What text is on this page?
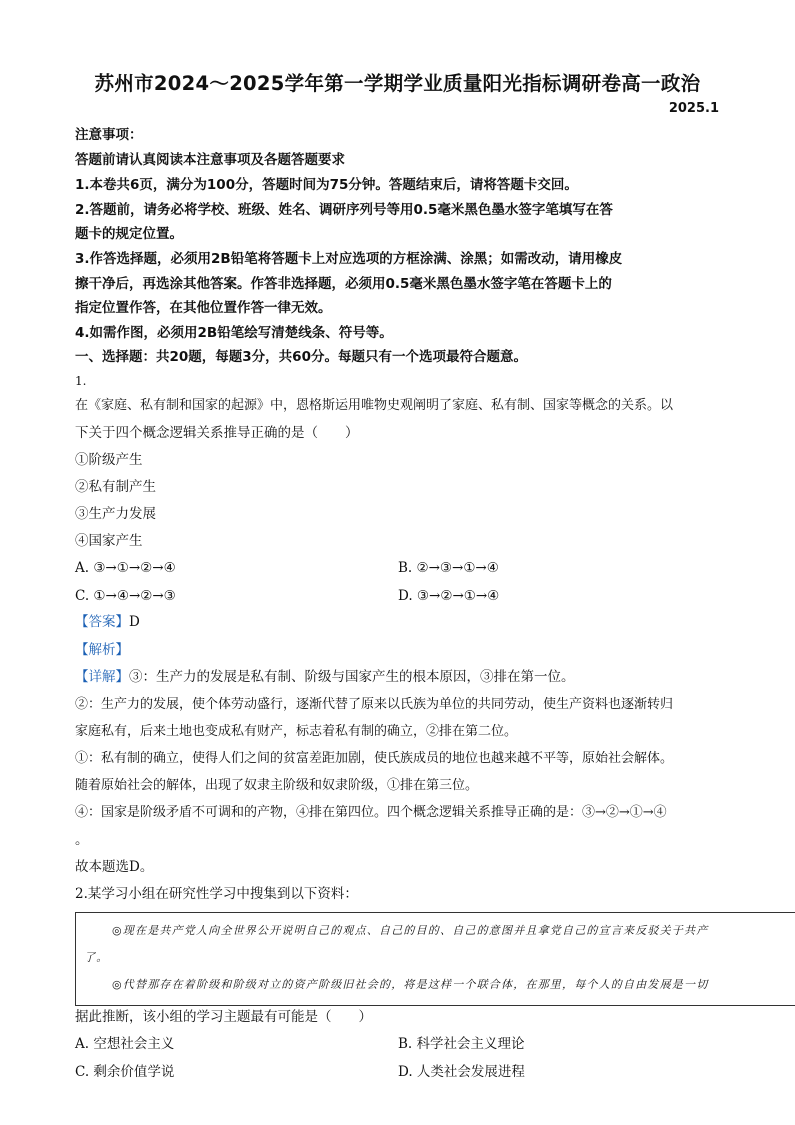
苏州市2024～2025学年第一学期学业质量阳光指标调研卷高一政治
2025.1
注意事项：
答题前请认真阅读本注意事项及各题答题要求
1.本卷共6页，满分为100分，答题时间为75分钟。答题结束后，请将答题卡交回。
2.答题前，请务必将学校、班级、姓名、调研序列号等用0.5毫米黑色墨水签字笔填写在答
题卡的规定位置。
3.作答选择题，必须用2B铅笔将答题卡上对应选项的方框涂满、涂黑；如需改动，请用橡皮
擦干净后，再选涂其他答案。作答非选择题，必须用0.5毫米黑色墨水签字笔在答题卡上的
指定位置作答，在其他位置作答一律无效。
4.如需作图，必须用2B铅笔绘写清楚线条、符号等。
一、选择题：共20题，每题3分，共60分。每题只有一个选项最符合题意。
1.
在《家庭、私有制和国家的起源》中，恩格斯运用唯物史观阐明了家庭、私有制、国家等概念的关系。以
下关于四个概念逻辑关系推导正确的是（　　）
①阶级产生
②私有制产生
③生产力发展
④国家产生
A. ③→①→②→④	B. ②→③→①→④
C. ①→④→②→③	D. ③→②→①→④
【答案】D
【解析】
【详解】③：生产力的发展是私有制、阶级与国家产生的根本原因，③排在第一位。
②：生产力的发展，使个体劳动盛行，逐渐代替了原来以氏族为单位的共同劳动，使生产资料也逐渐转归
家庭私有，后来土地也变成私有财产，标志着私有制的确立，②排在第二位。
①：私有制的确立，使得人们之间的贫富差距加剧，使氏族成员的地位也越来越不平等，原始社会解体。
随着原始社会的解体，出现了奴隶主阶级和奴隶阶级，①排在第三位。
④：国家是阶级矛盾不可调和的产物，④排在第四位。四个概念逻辑关系推导正确的是：③→②→①→④
。
故本题选D。
2.某学习小组在研究性学习中搜集到以下资料：
◎现在是共产党人向全世界公开说明自己的观点、自己的目的、自己的意图并且拿党自己的宣言来反驳关于共产
了。
◎代替那存在着阶级和阶级对立的资产阶级旧社会的，将是这样一个联合体，在那里，每个人的自由发展是一切
据此推断，该小组的学习主题最有可能是（　　）
A. 空想社会主义	B. 科学社会主义理论
C. 剩余价值学说	D. 人类社会发展进程
